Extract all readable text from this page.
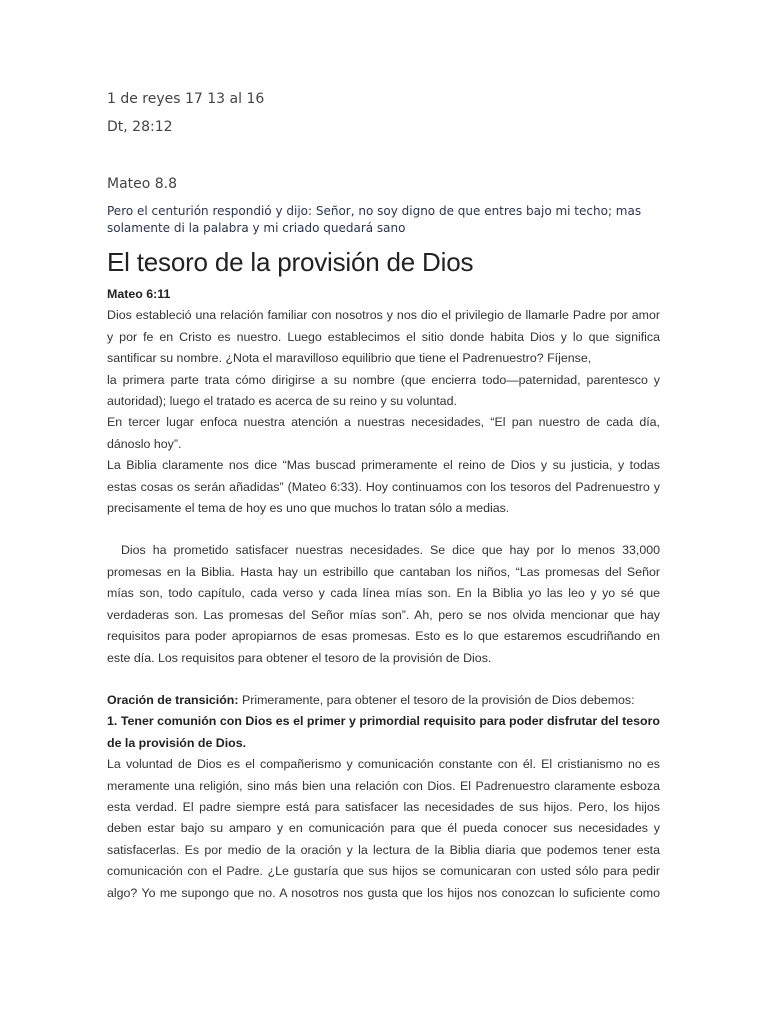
1 de reyes 17 13 al 16
Dt, 28:12
Mateo 8.8
Pero el centurión respondió y dijo: Señor, no soy digno de que entres bajo mi techo; mas
solamente di la palabra y mi criado quedará sano
El tesoro de la provisión de Dios

Mateo 6:11

Dios estableció una relación familiar con nosotros y nos dio el privilegio de llamarle Padre por amor y por fe en Cristo es nuestro. Luego establecimos el sitio donde habita Dios y lo que significa santificar su nombre. ¿Nota el maravilloso equilibrio que tiene el Padrenuestro? Fíjense,

la primera parte trata cómo dirigirse a su nombre (que encierra todo—paternidad, parentesco y autoridad); luego el tratado es acerca de su reino y su voluntad.

En tercer lugar enfoca nuestra atención a nuestras necesidades, “El pan nuestro de cada día, dánoslo hoy”.

La Biblia claramente nos dice “Mas buscad primeramente el reino de Dios y su justicia, y todas estas cosas os serán añadidas” (Mateo 6:33). Hoy continuamos con los tesoros del Padrenuestro y precisamente el tema de hoy es uno que muchos lo tratan sólo a medias.

Dios ha prometido satisfacer nuestras necesidades. Se dice que hay por lo menos 33,000 promesas en la Biblia. Hasta hay un estribillo que cantaban los niños, “Las promesas del Señor mías son, todo capítulo, cada verso y cada línea mías son. En la Biblia yo las leo y yo sé que verdaderas son. Las promesas del Señor mías son”. Ah, pero se nos olvida mencionar que hay requisitos para poder apropiarnos de esas promesas. Esto es lo que estaremos escudriñando en este día. Los requisitos para obtener el tesoro de la provisión de Dios.

Oración de transición: Primeramente, para obtener el tesoro de la provisión de Dios debemos:

1. Tener comunión con Dios es el primer y primordial requisito para poder disfrutar del tesoro de la provisión de Dios.

La voluntad de Dios es el compañerismo y comunicación constante con él. El cristianismo no es meramente una religión, sino más bien una relación con Dios. El Padrenuestro claramente esboza esta verdad. El padre siempre está para satisfacer las necesidades de sus hijos. Pero, los hijos deben estar bajo su amparo y en comunicación para que él pueda conocer sus necesidades y satisfacerlas. Es por medio de la oración y la lectura de la Biblia diaria que podemos tener esta comunicación con el Padre. ¿Le gustaría que sus hijos se comunicaran con usted sólo para pedir algo? Yo me supongo que no. A nosotros nos gusta que los hijos nos conozcan lo suficiente como
